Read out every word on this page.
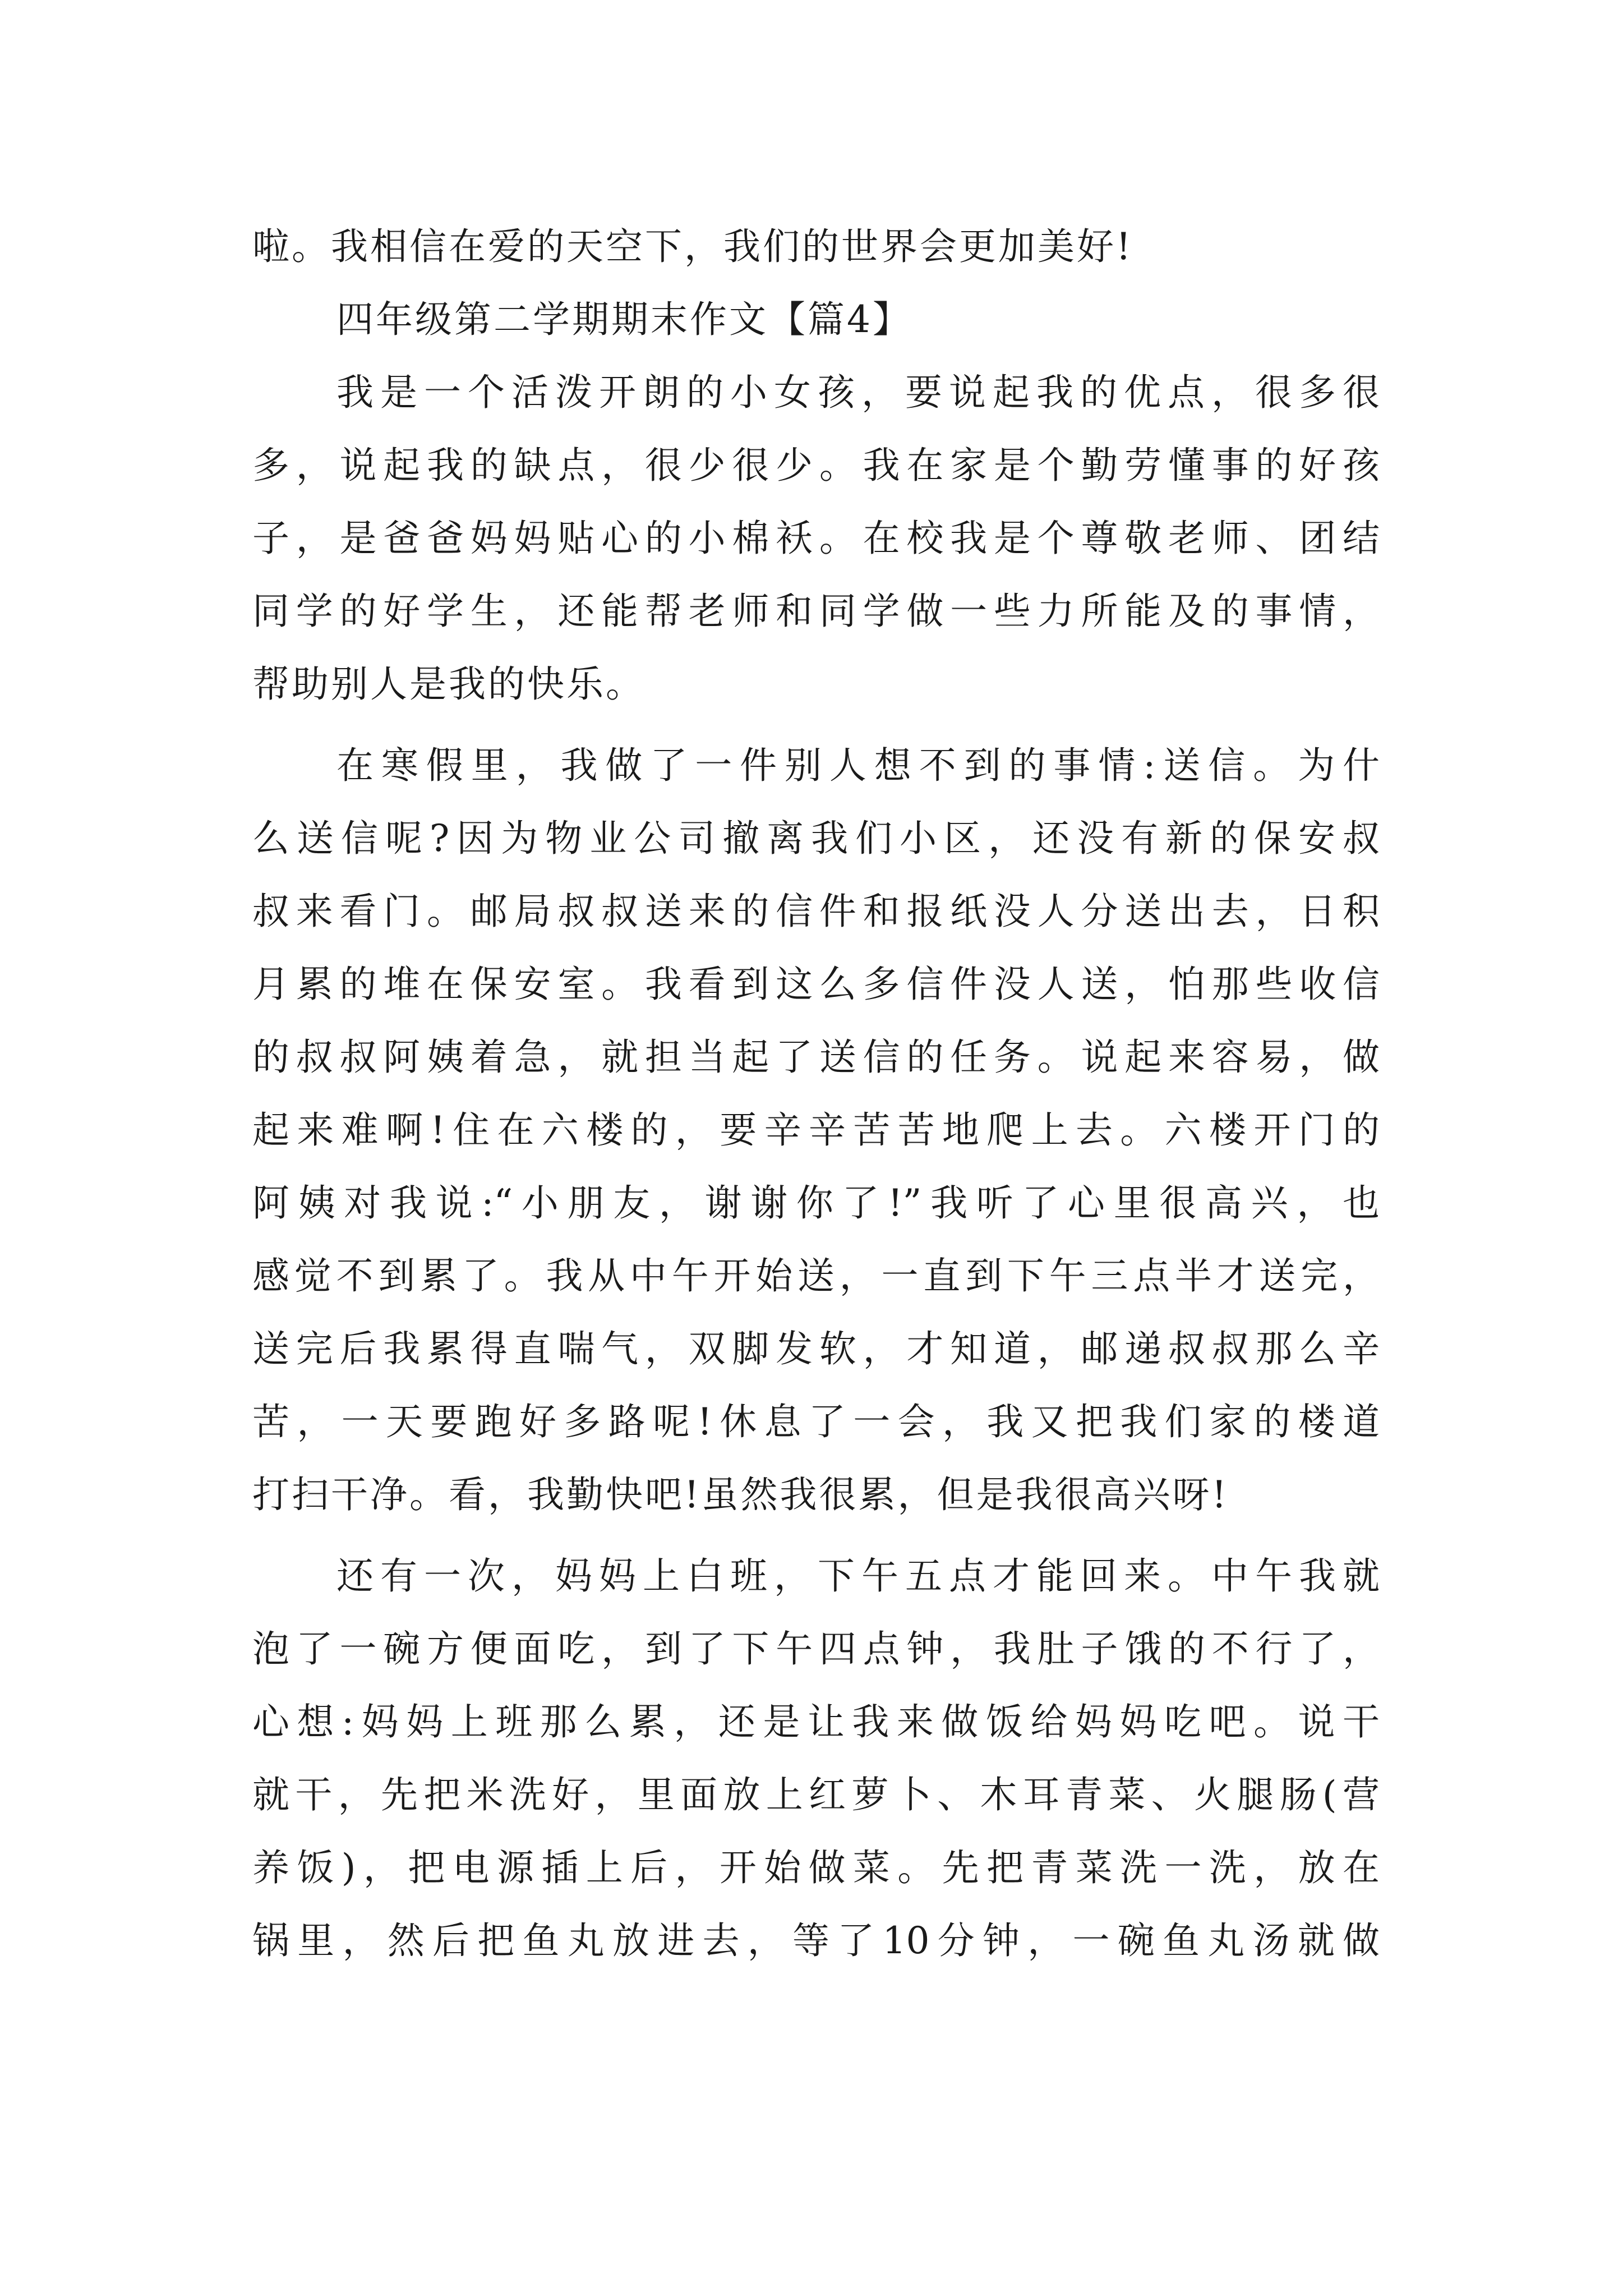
啦。我相信在爱的天空下，我们的世界会更加美好!
四年级第二学期期末作文【篇4】
我是一个活泼开朗的小女孩，要说起我的优点，很多很
多，说起我的缺点，很少很少。我在家是个勤劳懂事的好孩
子，是爸爸妈妈贴心的小棉袄。在校我是个尊敬老师、团结
同学的好学生，还能帮老师和同学做一些力所能及的事情，
帮助别人是我的快乐。
在寒假里，我做了一件别人想不到的事情:送信。为什
么送信呢?因为物业公司撤离我们小区，还没有新的保安叔
叔来看门。邮局叔叔送来的信件和报纸没人分送出去，日积
月累的堆在保安室。我看到这么多信件没人送，怕那些收信
的叔叔阿姨着急，就担当起了送信的任务。说起来容易，做
起来难啊!住在六楼的，要辛辛苦苦地爬上去。六楼开门的
阿姨对我说:“小朋友，谢谢你了!”我听了心里很高兴，也
感觉不到累了。我从中午开始送，一直到下午三点半才送完，
送完后我累得直喘气，双脚发软，才知道，邮递叔叔那么辛
苦，一天要跑好多路呢!休息了一会，我又把我们家的楼道
打扫干净。看，我勤快吧!虽然我很累，但是我很高兴呀!
还有一次，妈妈上白班，下午五点才能回来。中午我就
泡了一碗方便面吃，到了下午四点钟，我肚子饿的不行了，
心想:妈妈上班那么累，还是让我来做饭给妈妈吃吧。说干
就干，先把米洗好，里面放上红萝卜、木耳青菜、火腿肠(营
养饭)，把电源插上后，开始做菜。先把青菜洗一洗，放在
锅里，然后把鱼丸放进去，等了10分钟，一碗鱼丸汤就做
